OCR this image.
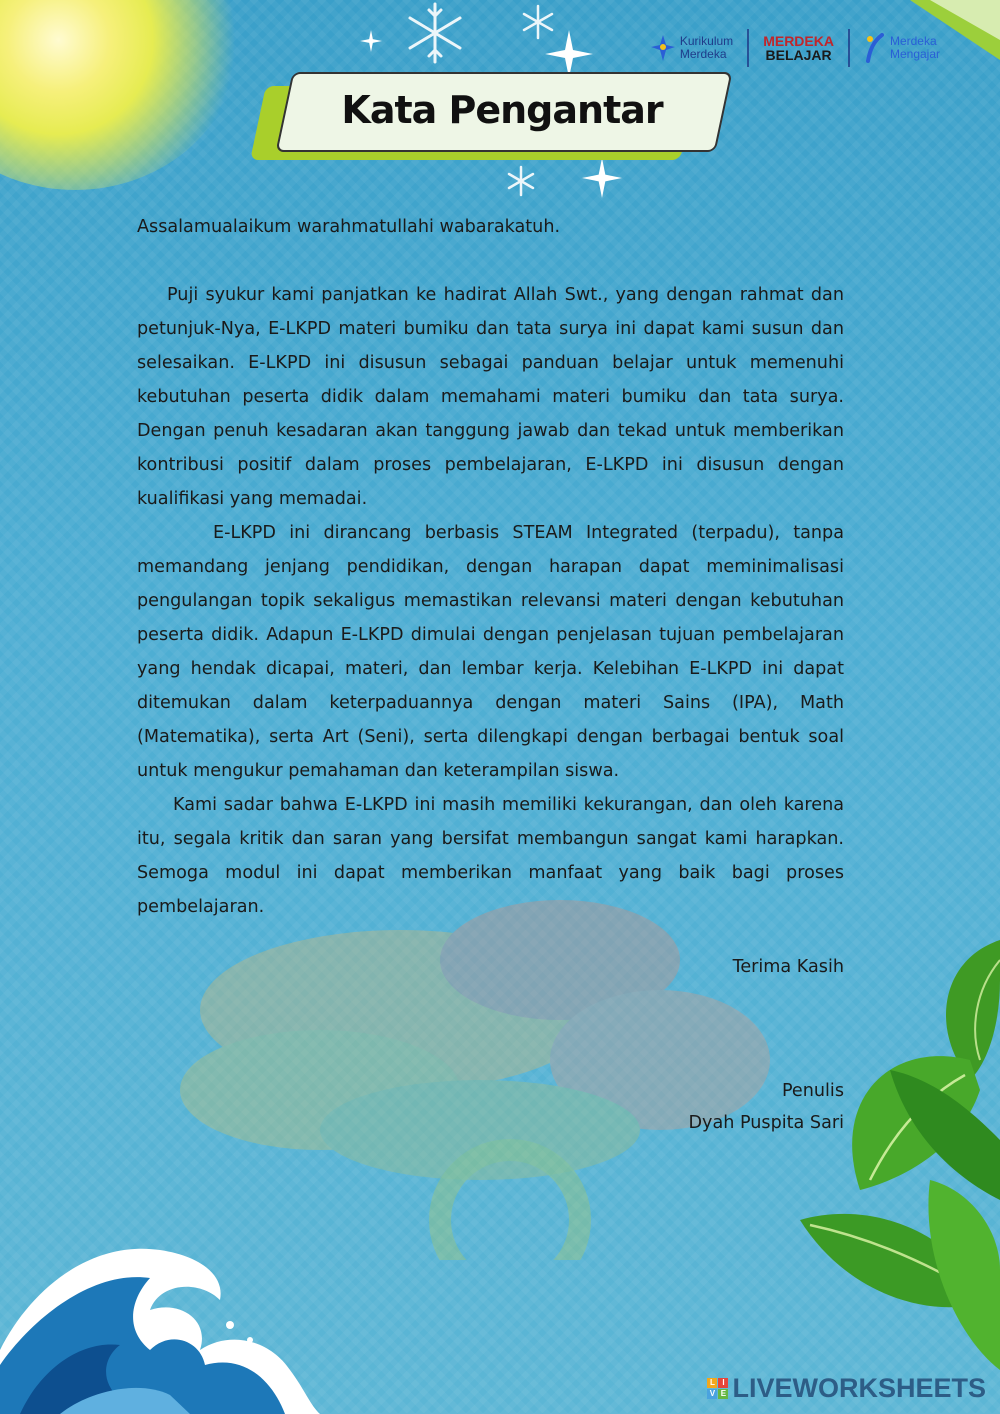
Kurikulum
Merdeka
MERDEKA
BELAJAR
Merdeka
Mengajar
Kata Pengantar

Assalamualaikum warahmatullahi wabarakatuh.

Puji syukur kami panjatkan ke hadirat Allah Swt., yang dengan rahmat dan petunjuk-Nya, E-LKPD materi bumiku dan tata surya ini dapat kami susun dan selesaikan. E-LKPD ini disusun sebagai panduan belajar untuk memenuhi kebutuhan peserta didik dalam memahami materi bumiku dan tata surya. Dengan penuh kesadaran akan tanggung jawab dan tekad untuk memberikan kontribusi positif dalam proses pembelajaran, E-LKPD ini disusun dengan kualifikasi yang memadai.

E-LKPD ini dirancang berbasis STEAM Integrated (terpadu), tanpa memandang jenjang pendidikan, dengan harapan dapat meminimalisasi pengulangan topik sekaligus memastikan relevansi materi dengan kebutuhan peserta didik. Adapun E-LKPD dimulai dengan penjelasan tujuan pembelajaran yang hendak dicapai, materi, dan lembar kerja. Kelebihan E-LKPD ini dapat ditemukan dalam keterpaduannya dengan materi Sains (IPA), Math (Matematika), serta Art (Seni), serta dilengkapi dengan berbagai bentuk soal untuk mengukur pemahaman dan keterampilan siswa.

Kami sadar bahwa E-LKPD ini masih memiliki kekurangan, dan oleh karena itu, segala kritik dan saran yang bersifat membangun sangat kami harapkan. Semoga modul ini dapat memberikan manfaat yang baik bagi proses pembelajaran.

Terima Kasih
Penulis
Dyah Puspita Sari
L I
V E LIVEWORKSHEETS
